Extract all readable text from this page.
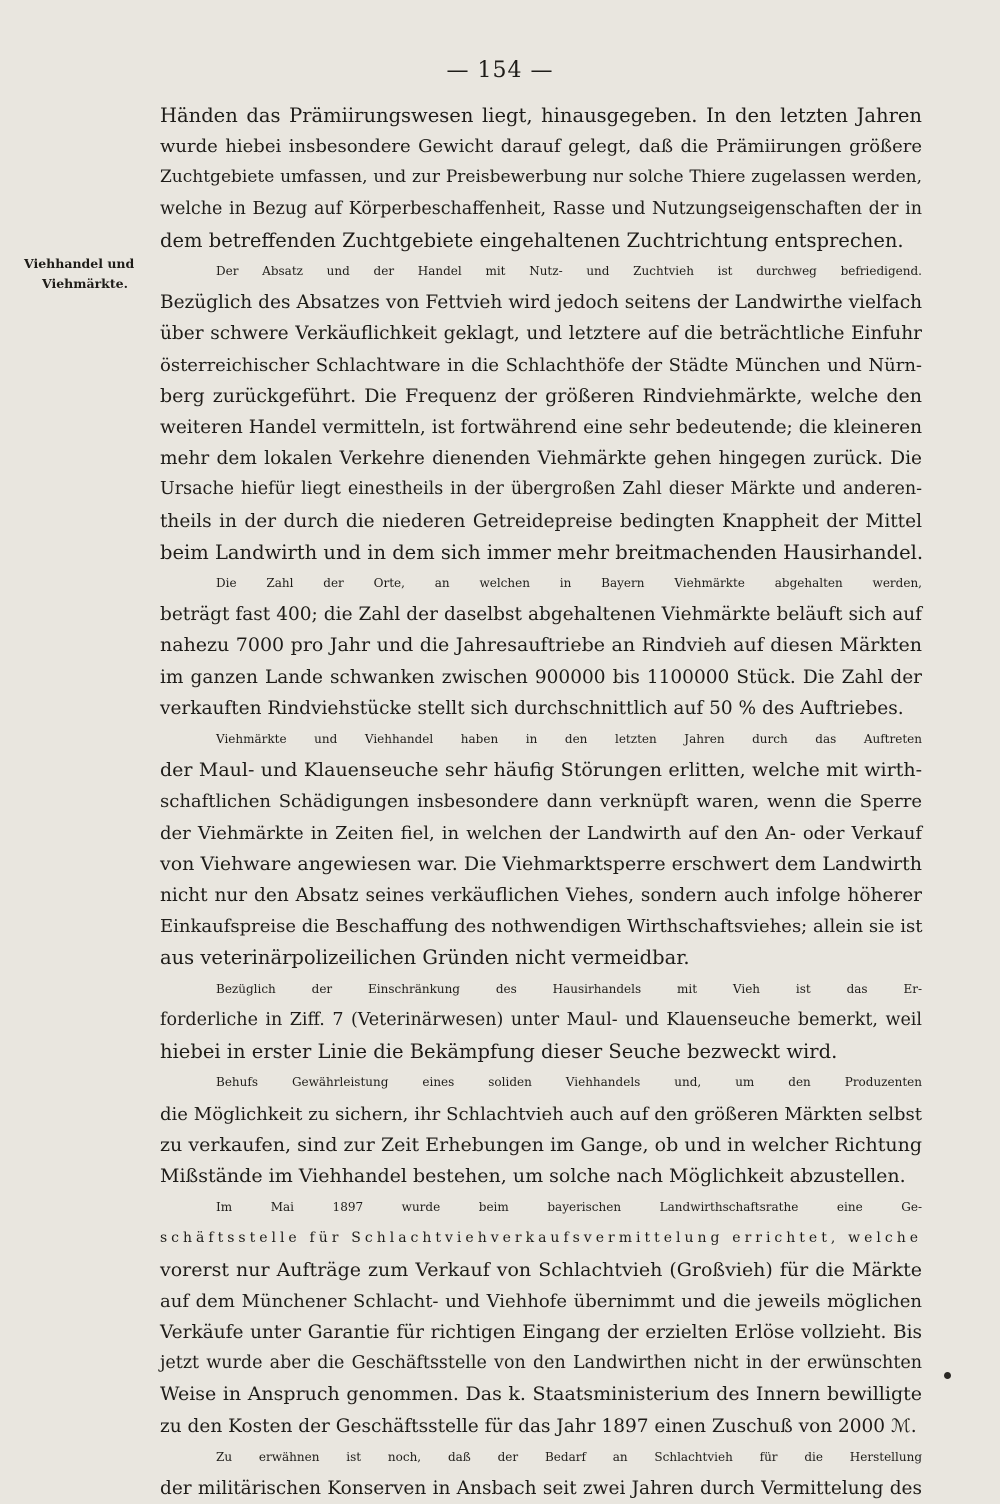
— 154 —
Viehhandel und
Viehmärkte.
Händen das Prämiirungswesen liegt, hinausgegeben. In den letzten Jahren
wurde hiebei insbesondere Gewicht darauf gelegt, daß die Prämiirungen größere
Zuchtgebiete umfassen, und zur Preisbewerbung nur solche Thiere zugelassen werden,
welche in Bezug auf Körperbeschaffenheit, Rasse und Nutzungseigenschaften der in
dem betreffenden Zuchtgebiete eingehaltenen Zuchtrichtung entsprechen.
Der Absatz und der Handel mit Nutz- und Zuchtvieh ist durchweg befriedigend.
Bezüglich des Absatzes von Fettvieh wird jedoch seitens der Landwirthe vielfach
über schwere Verkäuflichkeit geklagt, und letztere auf die beträchtliche Einfuhr
österreichischer Schlachtware in die Schlachthöfe der Städte München und Nürn-
berg zurückgeführt. Die Frequenz der größeren Rindviehmärkte, welche den
weiteren Handel vermitteln, ist fortwährend eine sehr bedeutende; die kleineren
mehr dem lokalen Verkehre dienenden Viehmärkte gehen hingegen zurück. Die
Ursache hiefür liegt einestheils in der übergroßen Zahl dieser Märkte und anderen-
theils in der durch die niederen Getreidepreise bedingten Knappheit der Mittel
beim Landwirth und in dem sich immer mehr breitmachenden Hausirhandel.
Die Zahl der Orte, an welchen in Bayern Viehmärkte abgehalten werden,
beträgt fast 400; die Zahl der daselbst abgehaltenen Viehmärkte beläuft sich auf
nahezu 7000 pro Jahr und die Jahresauftriebe an Rindvieh auf diesen Märkten
im ganzen Lande schwanken zwischen 900000 bis 1100000 Stück. Die Zahl der
verkauften Rindviehstücke stellt sich durchschnittlich auf 50 % des Auftriebes.
Viehmärkte und Viehhandel haben in den letzten Jahren durch das Auftreten
der Maul- und Klauenseuche sehr häufig Störungen erlitten, welche mit wirth-
schaftlichen Schädigungen insbesondere dann verknüpft waren, wenn die Sperre
der Viehmärkte in Zeiten fiel, in welchen der Landwirth auf den An- oder Verkauf
von Viehware angewiesen war. Die Viehmarktsperre erschwert dem Landwirth
nicht nur den Absatz seines verkäuflichen Viehes, sondern auch infolge höherer
Einkaufspreise die Beschaffung des nothwendigen Wirthschaftsviehes; allein sie ist
aus veterinärpolizeilichen Gründen nicht vermeidbar.
Bezüglich der Einschränkung des Hausirhandels mit Vieh ist das Er-
forderliche in Ziff. 7 (Veterinärwesen) unter Maul- und Klauenseuche bemerkt, weil
hiebei in erster Linie die Bekämpfung dieser Seuche bezweckt wird.
Behufs Gewährleistung eines soliden Viehhandels und, um den Produzenten
die Möglichkeit zu sichern, ihr Schlachtvieh auch auf den größeren Märkten selbst
zu verkaufen, sind zur Zeit Erhebungen im Gange, ob und in welcher Richtung
Mißstände im Viehhandel bestehen, um solche nach Möglichkeit abzustellen.
Im Mai 1897 wurde beim bayerischen Landwirthschaftsrathe eine Ge-
schäftsstelle für Schlachtviehverkaufsvermittelung errichtet, welche
vorerst nur Aufträge zum Verkauf von Schlachtvieh (Großvieh) für die Märkte
auf dem Münchener Schlacht- und Viehhofe übernimmt und die jeweils möglichen
Verkäufe unter Garantie für richtigen Eingang der erzielten Erlöse vollzieht. Bis
jetzt wurde aber die Geschäftsstelle von den Landwirthen nicht in der erwünschten
Weise in Anspruch genommen. Das k. Staatsministerium des Innern bewilligte
zu den Kosten der Geschäftsstelle für das Jahr 1897 einen Zuschuß von 2000 ℳ.
Zu erwähnen ist noch, daß der Bedarf an Schlachtvieh für die Herstellung
der militärischen Konserven in Ansbach seit zwei Jahren durch Vermittelung des
